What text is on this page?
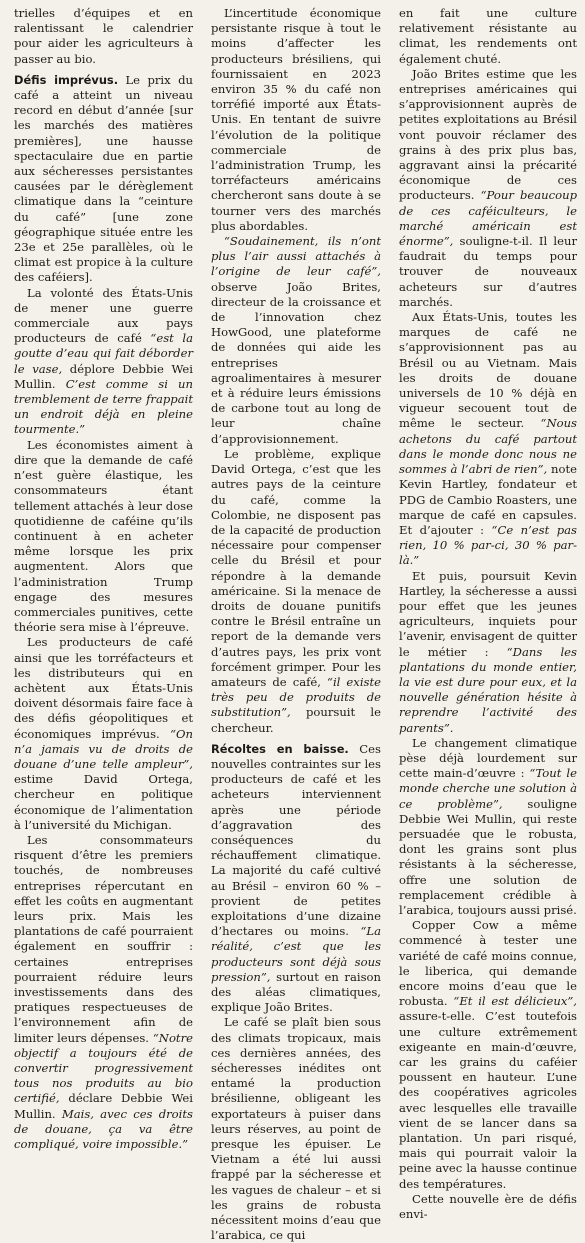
trielles d’équipes et en ralentissant le calendrier pour aider les agriculteurs à passer au bio.

Défis imprévus. Le prix du café a atteint un niveau record en début d’année [sur les marchés des matières premières], une hausse spectaculaire due en partie aux sécheresses persistantes causées par le dérèglement climatique dans la “ceinture du café” [une zone géographique située entre les 23e et 25e parallèles, où le climat est propice à la culture des caféiers].

La volonté des États-Unis de mener une guerre commerciale aux pays producteurs de café “est la goutte d’eau qui fait déborder le vase, déplore Debbie Wei Mullin. C’est comme si un tremblement de terre frappait un endroit déjà en pleine tourmente.”

Les économistes aiment à dire que la demande de café n’est guère élastique, les consommateurs étant tellement attachés à leur dose quotidienne de caféine qu’ils continuent à en acheter même lorsque les prix augmentent. Alors que l’administration Trump engage des mesures commerciales punitives, cette théorie sera mise à l’épreuve.

Les producteurs de café ainsi que les torréfacteurs et les distributeurs qui en achètent aux États-Unis doivent désormais faire face à des défis géopolitiques et économiques imprévus. “On n’a jamais vu de droits de douane d’une telle ampleur”, estime David Ortega, chercheur en politique économique de l’alimentation à l’université du Michigan.

Les consommateurs risquent d’être les premiers touchés, de nombreuses entreprises répercutant en effet les coûts en augmentant leurs prix. Mais les plantations de café pourraient également en souffrir : certaines entreprises pourraient réduire leurs investissements dans des pratiques respectueuses de l’environnement afin de limiter leurs dépenses. “Notre objectif a toujours été de convertir progressivement tous nos produits au bio certifié, déclare Debbie Wei Mullin. Mais, avec ces droits de douane, ça va être compliqué, voire impossible.”

L’incertitude économique persistante risque à tout le moins d’affecter les producteurs brésiliens, qui fournissaient en 2023 environ 35 % du café non torréfié importé aux États-Unis. En tentant de suivre l’évolution de la politique commerciale de l’administration Trump, les torréfacteurs américains chercheront sans doute à se tourner vers des marchés plus abordables.

“Soudainement, ils n’ont plus l’air aussi attachés à l’origine de leur café”, observe João Brites, directeur de la croissance et de l’innovation chez HowGood, une plateforme de données qui aide les entreprises agroalimentaires à mesurer et à réduire leurs émissions de carbone tout au long de leur chaîne d’approvisionnement.

Le problème, explique David Ortega, c’est que les autres pays de la ceinture du café, comme la Colombie, ne disposent pas de la capacité de production nécessaire pour compenser celle du Brésil et pour répondre à la demande américaine. Si la menace de droits de douane punitifs contre le Brésil entraîne un report de la demande vers d’autres pays, les prix vont forcément grimper. Pour les amateurs de café, “il existe très peu de produits de substitution”, poursuit le chercheur.

Récoltes en baisse. Ces nouvelles contraintes sur les producteurs de café et les acheteurs interviennent après une période d’aggravation des conséquences du réchauffement climatique. La majorité du café cultivé au Brésil – environ 60 % – provient de petites exploitations d’une dizaine d’hectares ou moins. “La réalité, c’est que les producteurs sont déjà sous pression”, surtout en raison des aléas climatiques, explique João Brites.

Le café se plaît bien sous des climats tropicaux, mais ces dernières années, des sécheresses inédites ont entamé la production brésilienne, obligeant les exportateurs à puiser dans leurs réserves, au point de presque les épuiser. Le Vietnam a été lui aussi frappé par la sécheresse et les vagues de chaleur – et si les grains de robusta nécessitent moins d’eau que l’arabica, ce qui

en fait une culture relativement résistante au climat, les rendements ont également chuté.

João Brites estime que les entreprises américaines qui s’approvisionnent auprès de petites exploitations au Brésil vont pouvoir réclamer des grains à des prix plus bas, aggravant ainsi la précarité économique de ces producteurs. “Pour beaucoup de ces caféiculteurs, le marché américain est énorme”, souligne-t-il. Il leur faudrait du temps pour trouver de nouveaux acheteurs sur d’autres marchés.

Aux États-Unis, toutes les marques de café ne s’approvisionnent pas au Brésil ou au Vietnam. Mais les droits de douane universels de 10 % déjà en vigueur secouent tout de même le secteur. “Nous achetons du café partout dans le monde donc nous ne sommes à l’abri de rien”, note Kevin Hartley, fondateur et PDG de Cambio Roasters, une marque de café en capsules. Et d’ajouter : “Ce n’est pas rien, 10 % par-ci, 30 % par-là.”

Et puis, poursuit Kevin Hartley, la sécheresse a aussi pour effet que les jeunes agriculteurs, inquiets pour l’avenir, envisagent de quitter le métier : “Dans les plantations du monde entier, la vie est dure pour eux, et la nouvelle génération hésite à reprendre l’activité des parents”.

Le changement climatique pèse déjà lourdement sur cette main-d’œuvre : “Tout le monde cherche une solution à ce problème”, souligne Debbie Wei Mullin, qui reste persuadée que le robusta, dont les grains sont plus résistants à la sécheresse, offre une solution de remplacement crédible à l’arabica, toujours aussi prisé.

Copper Cow a même commencé à tester une variété de café moins connue, le liberica, qui demande encore moins d’eau que le robusta. “Et il est délicieux”, assure-t-elle. C’est toutefois une culture extrêmement exigeante en main-d’œuvre, car les grains du caféier poussent en hauteur. L’une des coopératives agricoles avec lesquelles elle travaille vient de se lancer dans sa plantation. Un pari risqué, mais qui pourrait valoir la peine avec la hausse continue des températures.

Cette nouvelle ère de défis envi-
